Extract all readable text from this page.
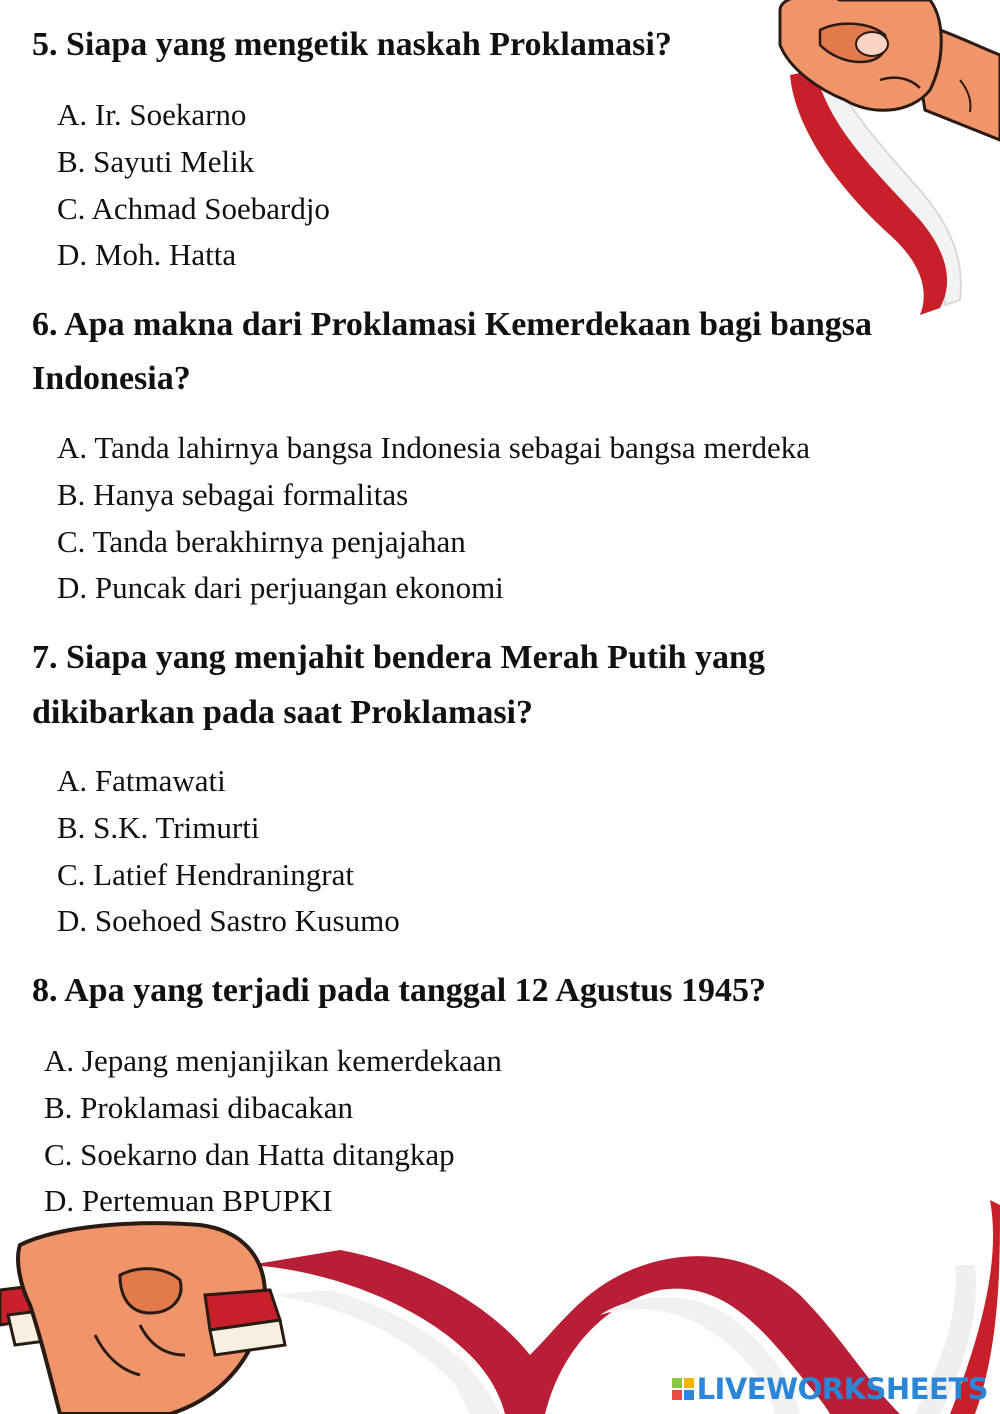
5. Siapa yang mengetik naskah Proklamasi?

A. Ir. Soekarno

B. Sayuti Melik

C. Achmad Soebardjo

D. Moh. Hatta

6. Apa makna dari Proklamasi Kemerdekaan bagi bangsa

Indonesia?

A. Tanda lahirnya bangsa Indonesia sebagai bangsa merdeka

B. Hanya sebagai formalitas

C. Tanda berakhirnya penjajahan

D. Puncak dari perjuangan ekonomi

7. Siapa yang menjahit bendera Merah Putih yang

dikibarkan pada saat Proklamasi?

A. Fatmawati

B. S.K. Trimurti

C. Latief Hendraningrat

D. Soehoed Sastro Kusumo

8. Apa yang terjadi pada tanggal 12 Agustus 1945?

A. Jepang menjanjikan kemerdekaan

B. Proklamasi dibacakan

C. Soekarno dan Hatta ditangkap

D. Pertemuan BPUPKI

LIVEWORKSHEETS
